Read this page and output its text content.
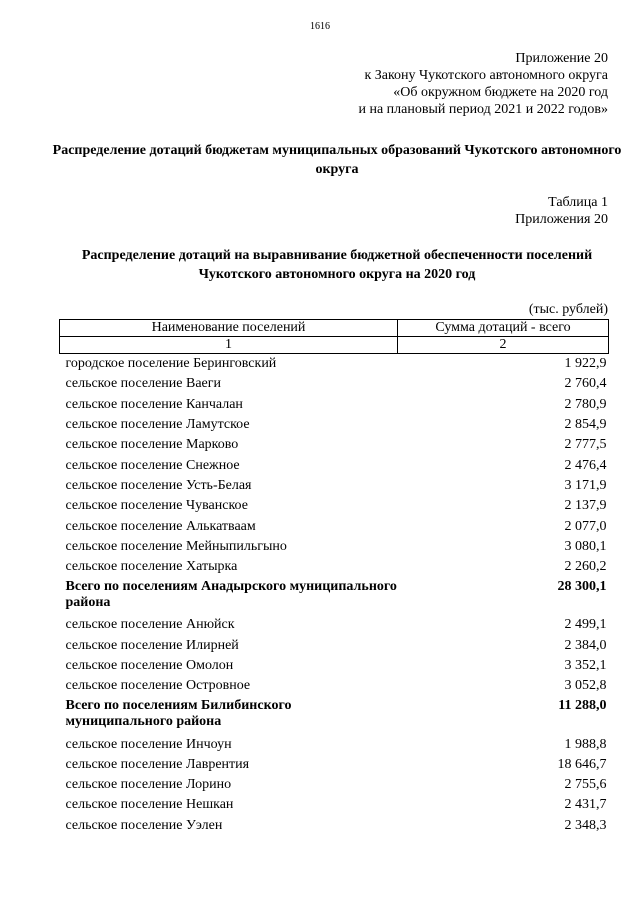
1616
Приложение 20
к Закону Чукотского автономного округа
«Об окружном бюджете на 2020 год
и на плановый период 2021 и 2022 годов»
Распределение дотаций бюджетам муниципальных образований Чукотского автономного округа
Таблица 1
Приложения 20
Распределение дотаций на выравнивание бюджетной обеспеченности поселений Чукотского автономного округа на 2020 год
(тыс. рублей)
Наименование поселений	Сумма дотаций - всего
1	2
городское поселение Беринговский	1 922,9
сельское поселение Ваеги	2 760,4
сельское поселение Канчалан	2 780,9
сельское поселение Ламутское	2 854,9
сельское поселение Марково	2 777,5
сельское поселение Снежное	2 476,4
сельское поселение Усть-Белая	3 171,9
сельское поселение Чуванское	2 137,9
сельское поселение Алькатваам	2 077,0
сельское поселение Мейныпильгыно	3 080,1
сельское поселение Хатырка	2 260,2
Всего по поселениям Анадырского муниципального района	28 300,1
сельское поселение Анюйск	2 499,1
сельское поселение Илирней	2 384,0
сельское поселение Омолон	3 352,1
сельское поселение Островное	3 052,8
Всего по поселениям Билибинского муниципального района	11 288,0
сельское поселение Инчоун	1 988,8
сельское поселение Лаврентия	18 646,7
сельское поселение Лорино	2 755,6
сельское поселение Нешкан	2 431,7
сельское поселение Уэлен	2 348,3
